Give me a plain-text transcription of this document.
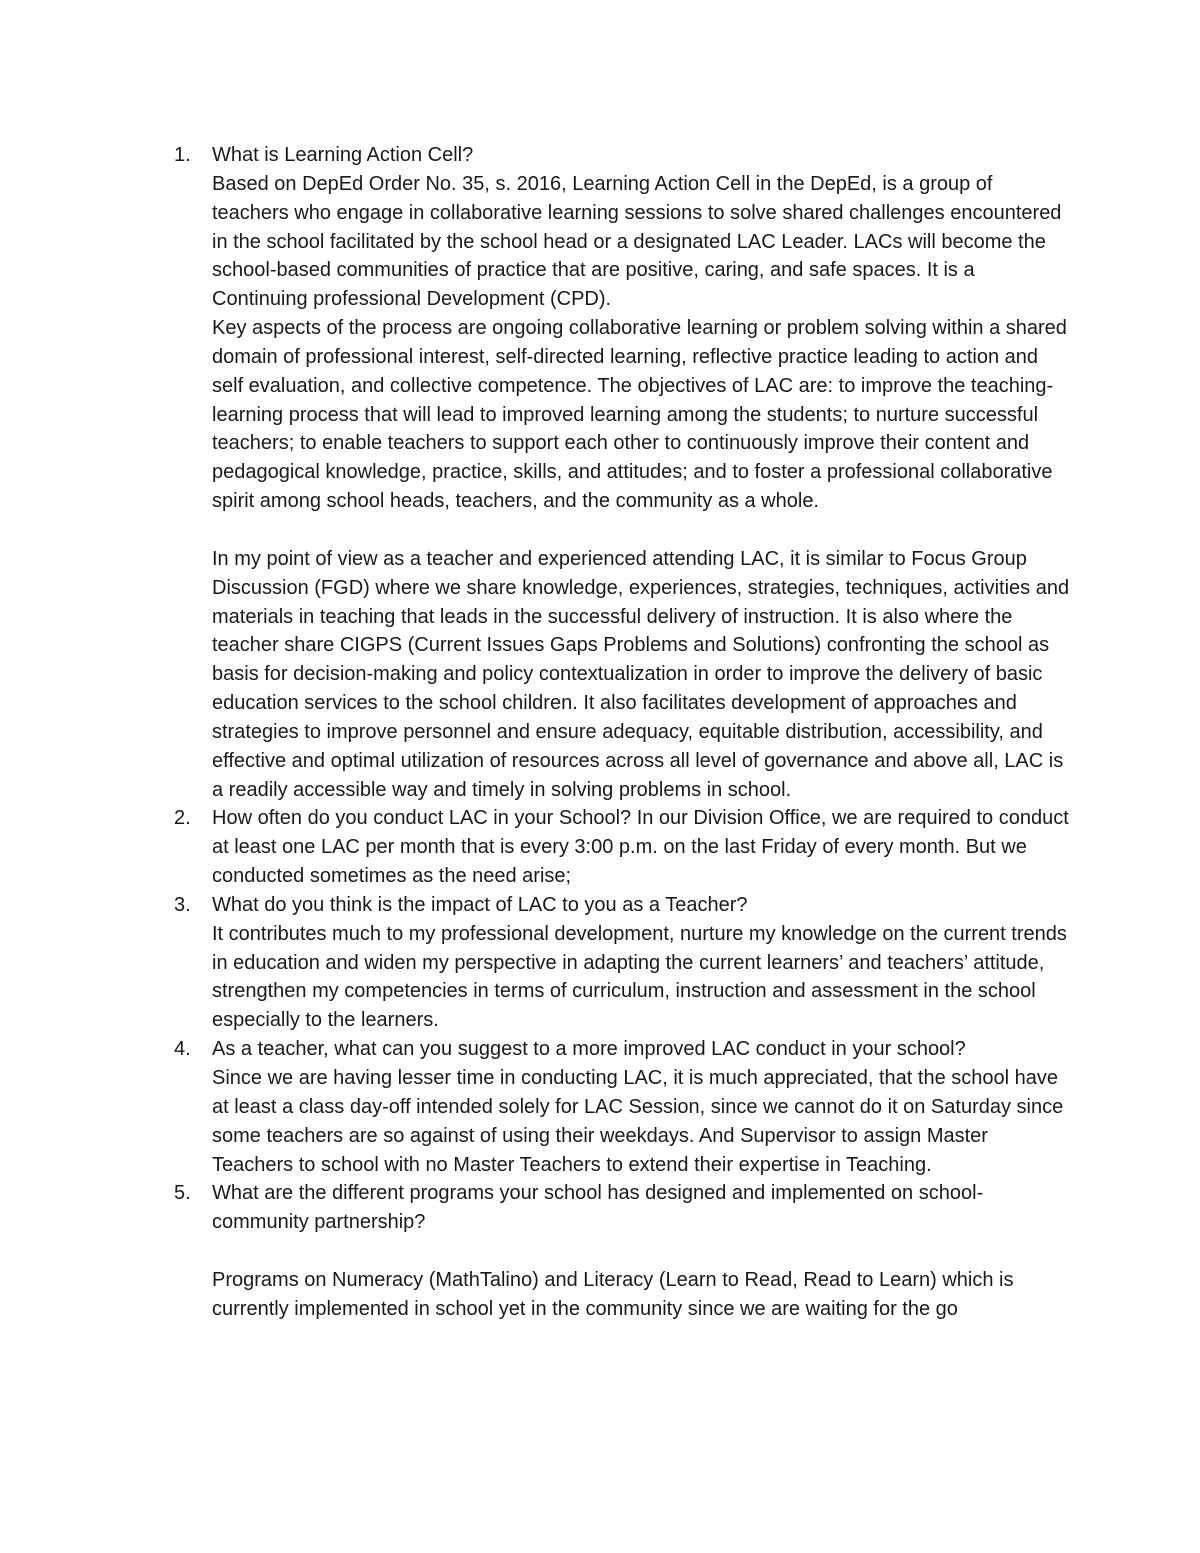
1. What is Learning Action Cell?

Based on DepEd Order No. 35, s. 2016, Learning Action Cell in the DepEd, is a group of teachers who engage in collaborative learning sessions to solve shared challenges encountered in the school facilitated by the school head or a designated LAC Leader. LACs will become the school-based communities of practice that are positive, caring, and safe spaces. It is a Continuing professional Development (CPD).

Key aspects of the process are ongoing collaborative learning or problem solving within a shared domain of professional interest, self-directed learning, reflective practice leading to action and self evaluation, and collective competence. The objectives of LAC are: to improve the teaching-learning process that will lead to improved learning among the students; to nurture successful teachers; to enable teachers to support each other to continuously improve their content and pedagogical knowledge, practice, skills, and attitudes; and to foster a professional collaborative spirit among school heads, teachers, and the community as a whole.

In my point of view as a teacher and experienced attending LAC, it is similar to Focus Group Discussion (FGD) where we share knowledge, experiences, strategies, techniques, activities and materials in teaching that leads in the successful delivery of instruction. It is also where the teacher share CIGPS (Current Issues Gaps Problems and Solutions) confronting the school as basis for decision-making and policy contextualization in order to improve the delivery of basic education services to the school children. It also facilitates development of approaches and strategies to improve personnel and ensure adequacy, equitable distribution, accessibility, and effective and optimal utilization of resources across all level of governance and above all, LAC is a readily accessible way and timely in solving problems in school.

2. How often do you conduct LAC in your School? In our Division Office, we are required to conduct at least one LAC per month that is every 3:00 p.m. on the last Friday of every month. But we conducted sometimes as the need arise;

3. What do you think is the impact of LAC to you as a Teacher?

It contributes much to my professional development, nurture my knowledge on the current trends in education and widen my perspective in adapting the current learners’ and teachers’ attitude, strengthen my competencies in terms of curriculum, instruction and assessment in the school especially to the learners.

4. As a teacher, what can you suggest to a more improved LAC conduct in your school?

Since we are having lesser time in conducting LAC, it is much appreciated, that the school have at least a class day-off intended solely for LAC Session, since we cannot do it on Saturday since some teachers are so against of using their weekdays. And Supervisor to assign Master Teachers to school with no Master Teachers to extend their expertise in Teaching.

5. What are the different programs your school has designed and implemented on school-community partnership?

Programs on Numeracy (MathTalino) and Literacy (Learn to Read, Read to Learn) which is currently implemented in school yet in the community since we are waiting for the go
